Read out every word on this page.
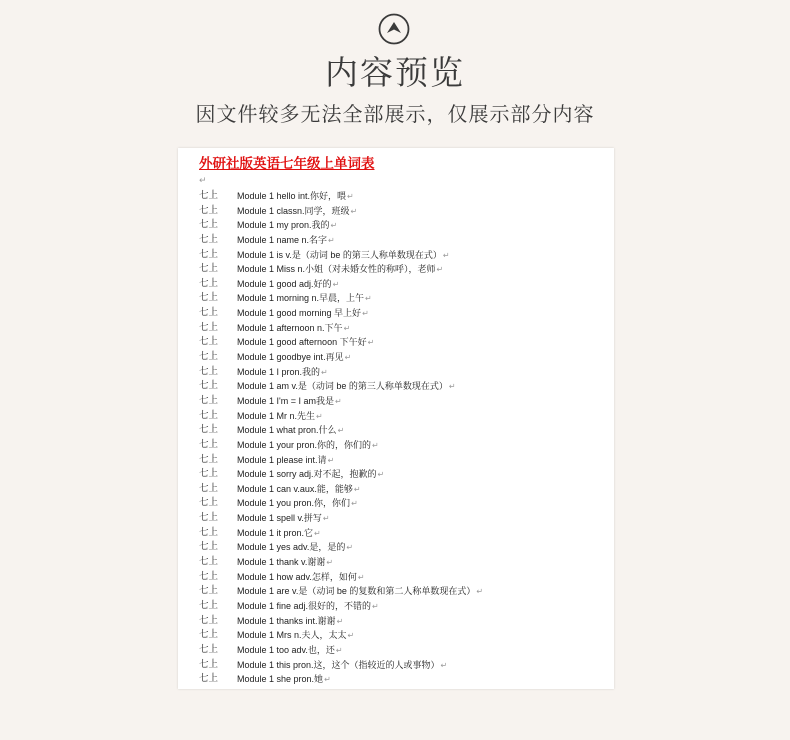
内容预览
因文件较多无法全部展示，仅展示部分内容
外研社版英语七年级上单词表
↵
七上 Module 1 hello int.你好，喂↵
七上 Module 1 classn.同学，班级↵
七上 Module 1 my pron.我的↵
七上 Module 1 name n.名字↵
七上 Module 1 is v.是（动词 be 的第三人称单数现在式）↵
七上 Module 1 Miss n.小姐（对未婚女性的称呼），老师↵
七上 Module 1 good adj.好的↵
七上 Module 1 morning n.早晨，上午↵
七上 Module 1 good morning 早上好↵
七上 Module 1 afternoon n.下午↵
七上 Module 1 good afternoon 下午好↵
七上 Module 1 goodbye int.再见↵
七上 Module 1 I pron.我的↵
七上 Module 1 am v.是（动词 be 的第三人称单数现在式）↵
七上 Module 1 I'm = I am我是↵
七上 Module 1 Mr n.先生↵
七上 Module 1 what pron.什么↵
七上 Module 1 your pron.你的，你们的↵
七上 Module 1 please int.请↵
七上 Module 1 sorry adj.对不起，抱歉的↵
七上 Module 1 can v.aux.能，能够↵
七上 Module 1 you pron.你，你们↵
七上 Module 1 spell v.拼写↵
七上 Module 1 it pron.它↵
七上 Module 1 yes adv.是，是的↵
七上 Module 1 thank v.谢谢↵
七上 Module 1 how adv.怎样，如何↵
七上 Module 1 are v.是（动词 be 的复数和第二人称单数现在式）↵
七上 Module 1 fine adj.很好的，不错的↵
七上 Module 1 thanks int.谢谢↵
七上 Module 1 Mrs n.夫人，太太↵
七上 Module 1 too adv.也，还↵
七上 Module 1 this pron.这，这个（指较近的人或事物）↵
七上 Module 1 she pron.她↵
